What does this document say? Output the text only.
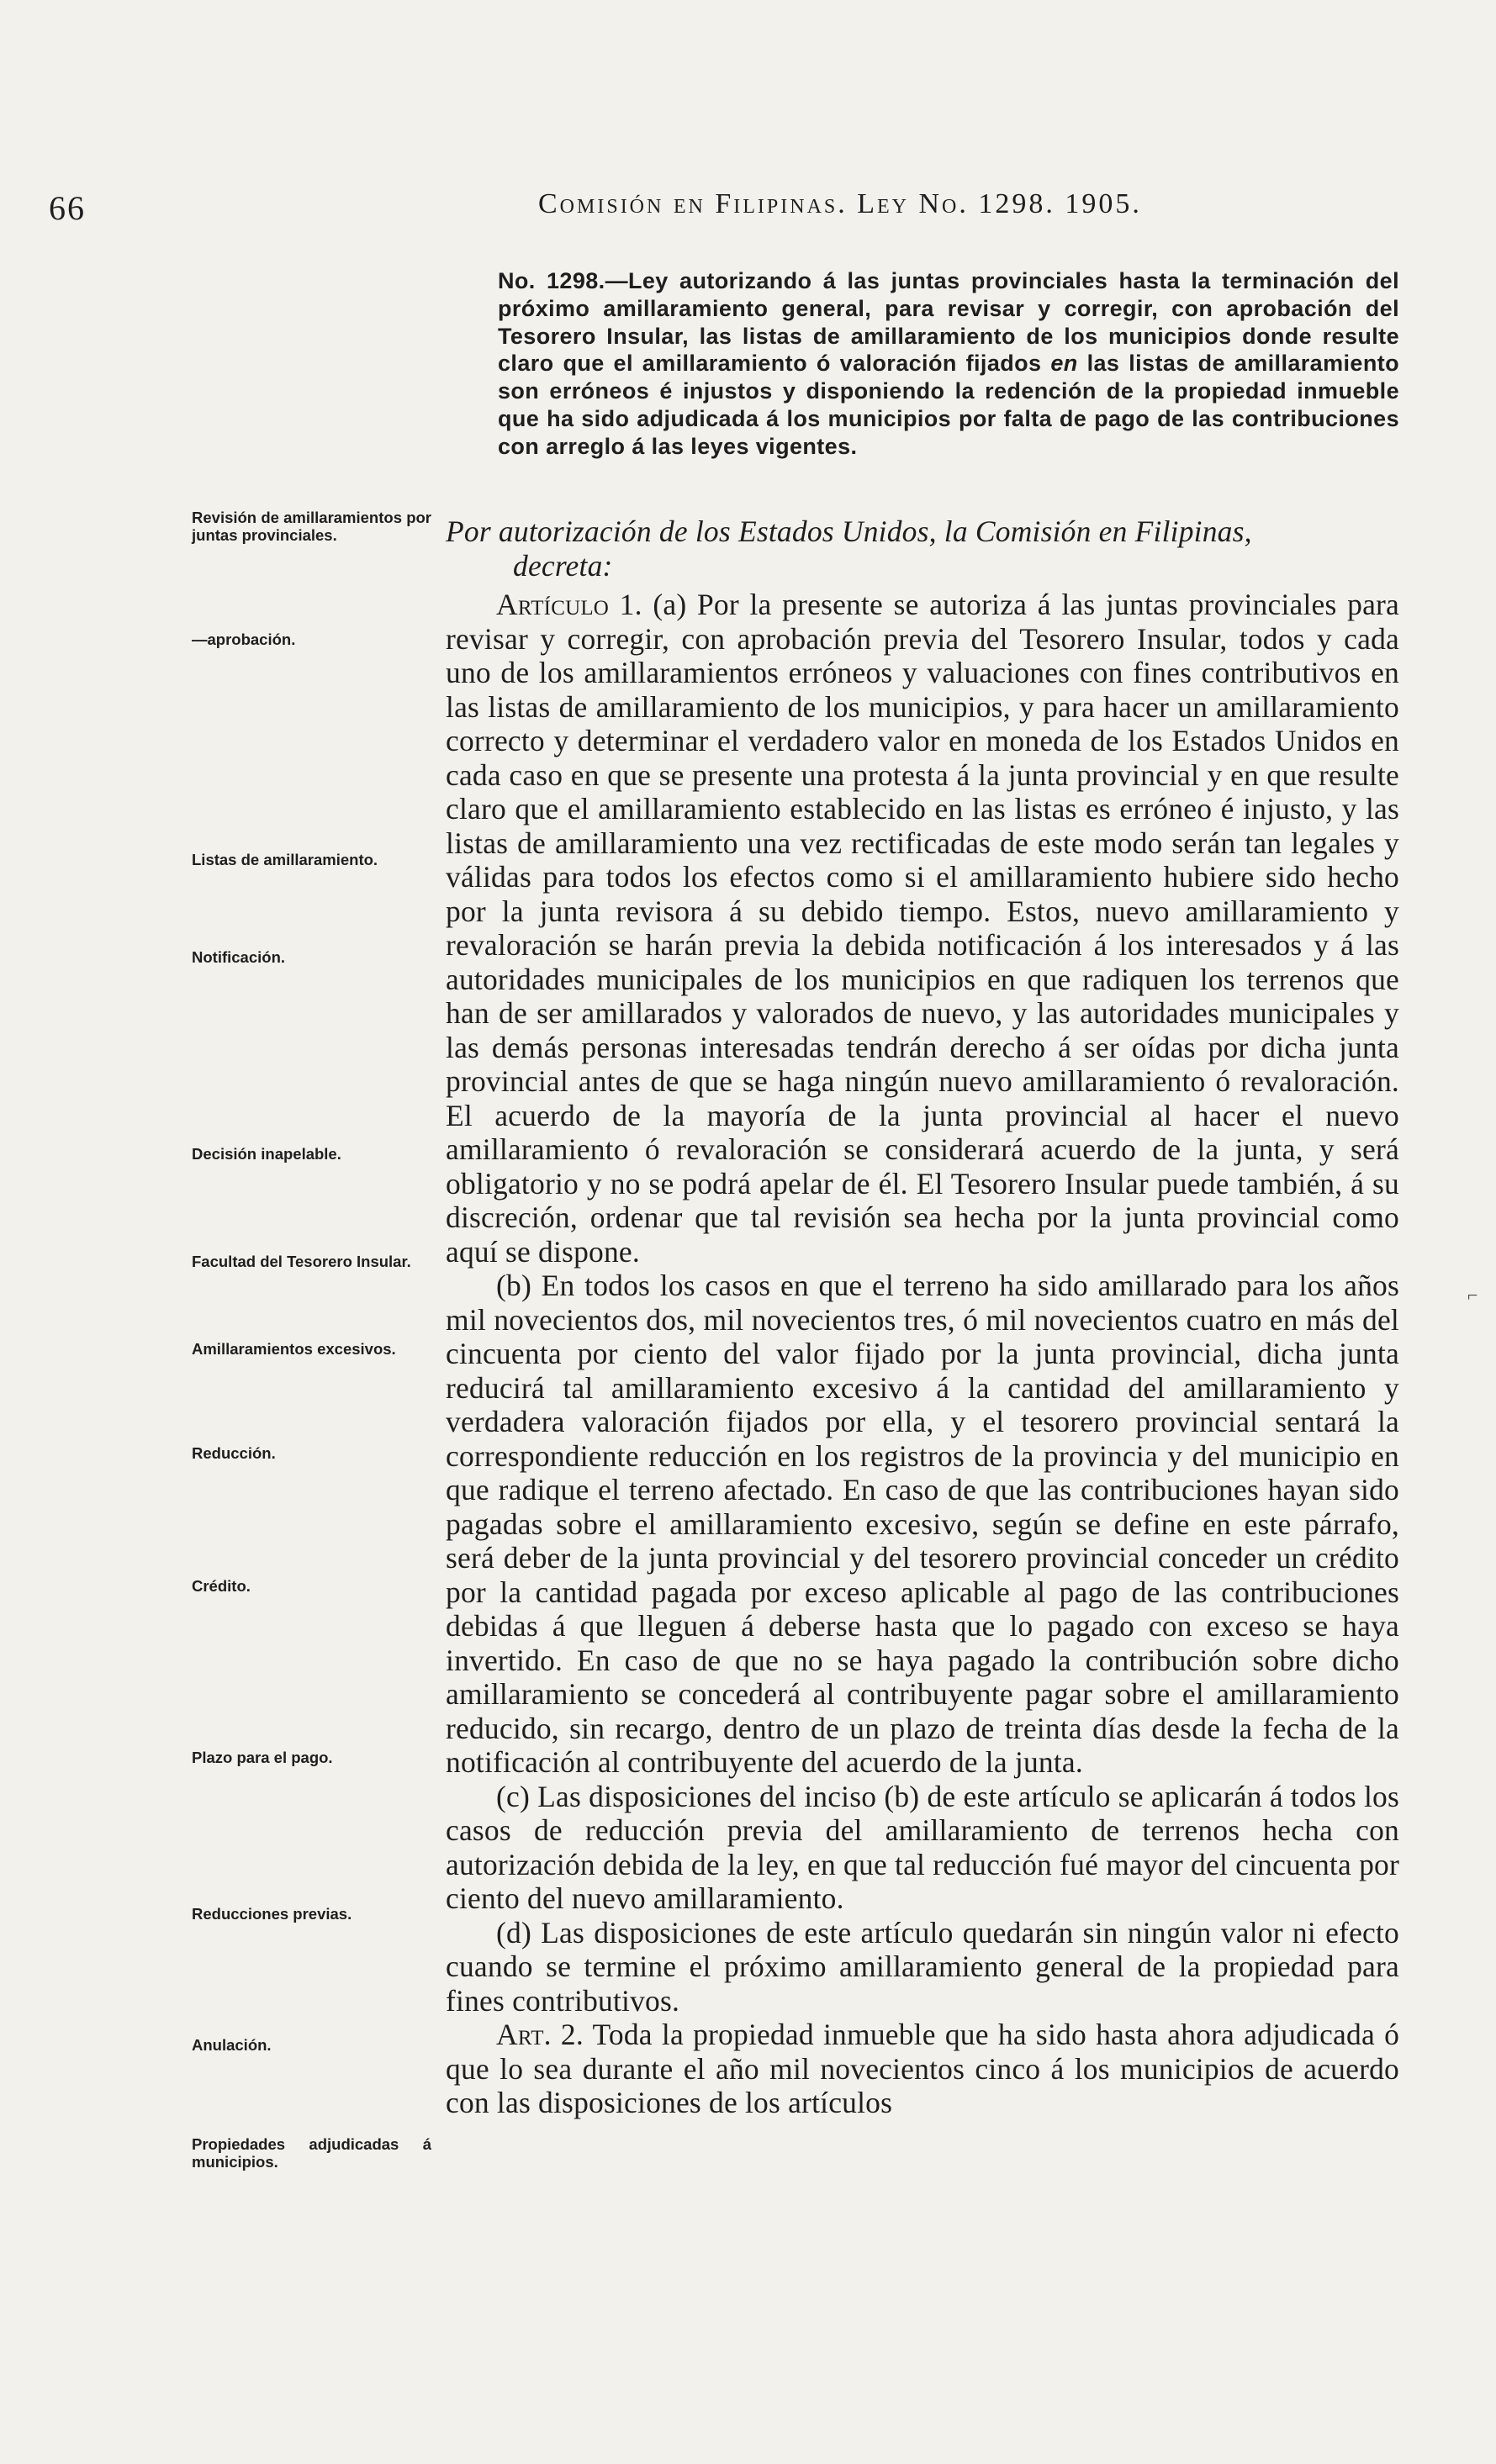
66	Comisión en Filipinas. Ley No. 1298. 1905.

No. 1298.—Ley autorizando á las juntas provinciales hasta la terminación del próximo amillaramiento general, para revisar y corregir, con aprobación del Tesorero Insular, las listas de amillaramiento de los municipios donde resulte claro que el amillaramiento ó valoración fijados en las listas de amillaramiento son erróneos é injustos y disponiendo la redención de la propiedad inmueble que ha sido adjudicada á los municipios por falta de pago de las contribuciones con arreglo á las leyes vigentes.

Por autorización de los Estados Unidos, la Comisión en Filipinas,
decreta:

Artículo 1. (a) Por la presente se autoriza á las juntas provinciales para revisar y corregir, con aprobación previa del Tesorero Insular, todos y cada uno de los amillaramientos erróneos y valuaciones con fines contributivos en las listas de amillaramiento de los municipios, y para hacer un amillaramiento correcto y determinar el verdadero valor en moneda de los Estados Unidos en cada caso en que se presente una protesta á la junta provincial y en que resulte claro que el amillaramiento establecido en las listas es erróneo é injusto, y las listas de amillaramiento una vez rectificadas de este modo serán tan legales y válidas para todos los efectos como si el amillaramiento hubiere sido hecho por la junta revisora á su debido tiempo. Estos, nuevo amillaramiento y revaloración se harán previa la debida notificación á los interesados y á las autoridades municipales de los municipios en que radiquen los terrenos que han de ser amillarados y valorados de nuevo, y las autoridades municipales y las demás personas interesadas tendrán derecho á ser oídas por dicha junta provincial antes de que se haga ningún nuevo amillaramiento ó revaloración. El acuerdo de la mayoría de la junta provincial al hacer el nuevo amillaramiento ó revaloración se considerará acuerdo de la junta, y será obligatorio y no se podrá apelar de él. El Tesorero Insular puede también, á su discreción, ordenar que tal revisión sea hecha por la junta provincial como aquí se dispone.

(b) En todos los casos en que el terreno ha sido amillarado para los años mil novecientos dos, mil novecientos tres, ó mil novecientos cuatro en más del cincuenta por ciento del valor fijado por la junta provincial, dicha junta reducirá tal amillaramiento excesivo á la cantidad del amillaramiento y verdadera valoración fijados por ella, y el tesorero provincial sentará la correspondiente reducción en los registros de la provincia y del municipio en que radique el terreno afectado. En caso de que las contribuciones hayan sido pagadas sobre el amillaramiento excesivo, según se define en este párrafo, será deber de la junta provincial y del tesorero provincial conceder un crédito por la cantidad pagada por exceso aplicable al pago de las contribuciones debidas á que lleguen á deberse hasta que lo pagado con exceso se haya invertido. En caso de que no se haya pagado la contribución sobre dicho amillaramiento se concederá al contribuyente pagar sobre el amillaramiento reducido, sin recargo, dentro de un plazo de treinta días desde la fecha de la notificación al contribuyente del acuerdo de la junta.

(c) Las disposiciones del inciso (b) de este artículo se aplicarán á todos los casos de reducción previa del amillaramiento de terrenos hecha con autorización debida de la ley, en que tal reducción fué mayor del cincuenta por ciento del nuevo amillaramiento.

(d) Las disposiciones de este artículo quedarán sin ningún valor ni efecto cuando se termine el próximo amillaramiento general de la propiedad para fines contributivos.

Art. 2. Toda la propiedad inmueble que ha sido hasta ahora adjudicada ó que lo sea durante el año mil novecientos cinco á los municipios de acuerdo con las disposiciones de los artículos

Revisión de amillaramientos por juntas provinciales.

—aprobación.

Listas de amillaramiento.

Notificación.

Decisión inapelable.

Facultad del Tesorero Insular.

Amillaramientos excesivos.

Reducción.

Crédito.

Plazo para el pago.

Reducciones previas.

Anulación.

Propiedades adjudicadas á municipios.

⌐
